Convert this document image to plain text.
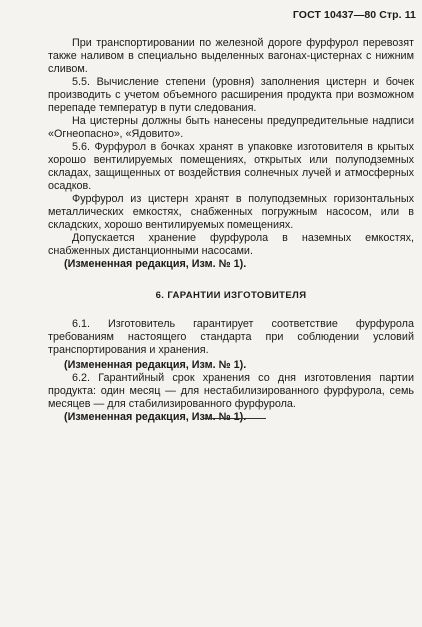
ГОСТ 10437—80 Стр. 11

При транспортировании по железной дороге фурфурол перевозят также наливом в специально выделенных вагонах-цистернах с нижним сливом.

5.5. Вычисление степени (уровня) заполнения цистерн и бочек производить с учетом объемного расширения продукта при возможном перепаде температур в пути следования.

На цистерны должны быть нанесены предупредительные надписи «Огнеопасно», «Ядовито».

5.6. Фурфурол в бочках хранят в упаковке изготовителя в крытых хорошо вентилируемых помещениях, открытых или полуподземных складах, защищенных от воздействия солнечных лучей и атмосферных осадков.

Фурфурол из цистерн хранят в полуподземных горизонтальных металлических емкостях, снабженных погружным насосом, или в складских, хорошо вентилируемых помещениях.

Допускается хранение фурфурола в наземных емкостях, снабженных дистанционными насосами.

(Измененная редакция, Изм. № 1).

6. ГАРАНТИИ ИЗГОТОВИТЕЛЯ

6.1. Изготовитель гарантирует соответствие фурфурола требованиям настоящего стандарта при соблюдении условий транспортирования и хранения.

(Измененная редакция, Изм. № 1).

6.2. Гарантийный срок хранения со дня изготовления партии продукта: один месяц — для нестабилизированного фурфурола, семь месяцев — для стабилизированного фурфурола.

(Измененная редакция, Изм. № 1).
